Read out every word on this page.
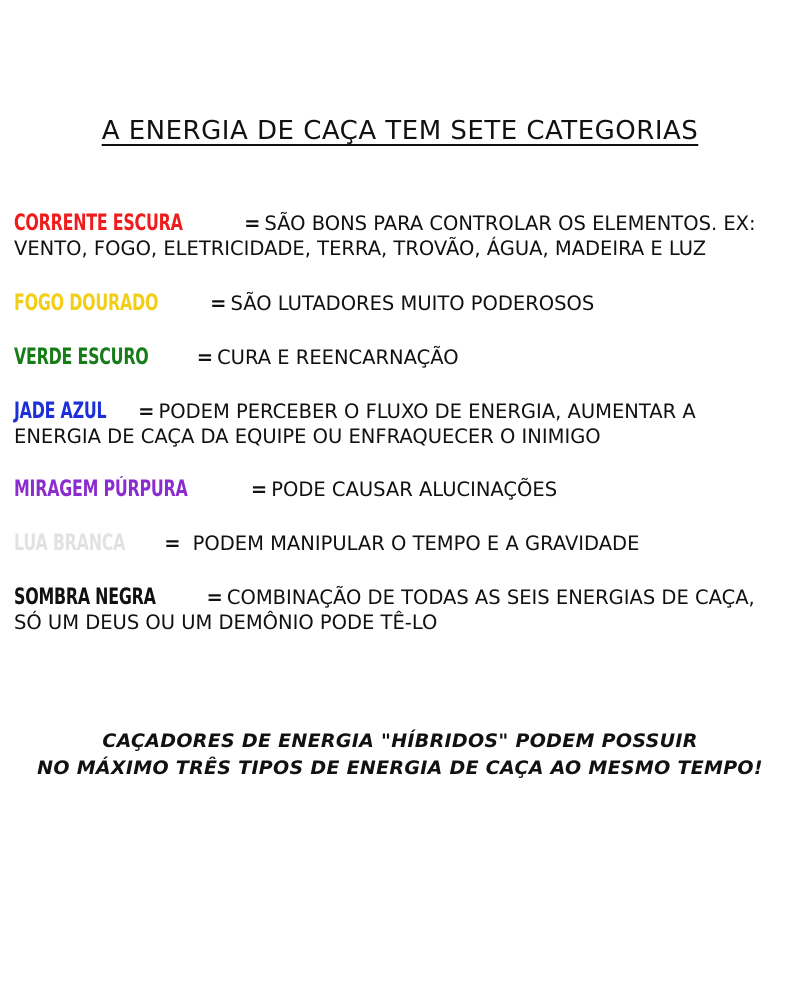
A ENERGIA DE CAÇA TEM SETE CATEGORIAS
CORRENTE ESCURA	= SÃO BONS PARA CONTROLAR OS ELEMENTOS. EX:
VENTO, FOGO, ELETRICIDADE, TERRA, TROVÃO, ÁGUA, MADEIRA E LUZ
FOGO DOURADO	= SÃO LUTADORES MUITO PODEROSOS
VERDE ESCURO = CURA E REENCARNAÇÃO
JADE AZUL = PODEM PERCEBER O FLUXO DE ENERGIA, AUMENTAR A
ENERGIA DE CAÇA DA EQUIPE OU ENFRAQUECER O INIMIGO
MIRAGEM PÚRPURA	= PODE CAUSAR ALUCINAÇÕES
LUA BRANCA = PODEM MANIPULAR O TEMPO E A GRAVIDADE
SOMBRA NEGRA	= COMBINAÇÃO DE TODAS AS SEIS ENERGIAS DE CAÇA,
SÓ UM DEUS OU UM DEMÔNIO PODE TÊ-LO
CAÇADORES DE ENERGIA "HÍBRIDOS" PODEM POSSUIR
NO MÁXIMO TRÊS TIPOS DE ENERGIA DE CAÇA AO MESMO TEMPO!
